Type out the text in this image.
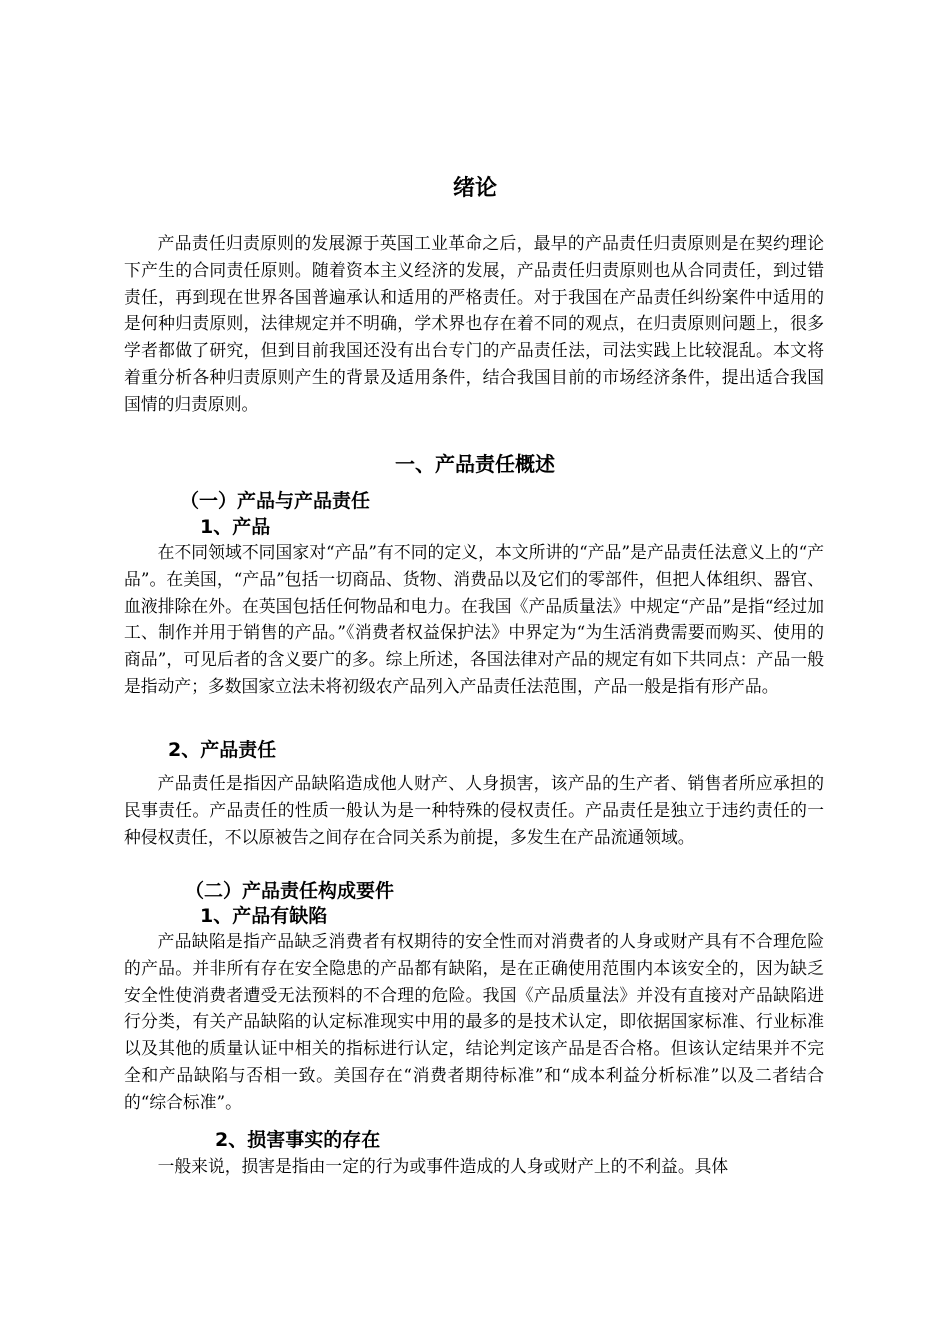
绪论

产品责任归责原则的发展源于英国工业革命之后，最早的产品责任归责原则是在契约理论下产生的合同责任原则。随着资本主义经济的发展，产品责任归责原则也从合同责任，到过错责任，再到现在世界各国普遍承认和适用的严格责任。对于我国在产品责任纠纷案件中适用的是何种归责原则，法律规定并不明确，学术界也存在着不同的观点，在归责原则问题上，很多学者都做了研究，但到目前我国还没有出台专门的产品责任法，司法实践上比较混乱。本文将着重分析各种归责原则产生的背景及适用条件，结合我国目前的市场经济条件，提出适合我国国情的归责原则。

一、产品责任概述
（一）产品与产品责任
1、产品

在不同领域不同国家对“产品”有不同的定义，本文所讲的“产品”是产品责任法意义上的“产品”。在美国，“产品”包括一切商品、货物、消费品以及它们的零部件，但把人体组织、器官、血液排除在外。在英国包括任何物品和电力。在我国《产品质量法》中规定“产品”是指“经过加工、制作并用于销售的产品。”《消费者权益保护法》中界定为“为生活消费需要而购买、使用的商品”，可见后者的含义要广的多。综上所述，各国法律对产品的规定有如下共同点：产品一般是指动产；多数国家立法未将初级农产品列入产品责任法范围，产品一般是指有形产品。

2、产品责任

产品责任是指因产品缺陷造成他人财产、人身损害，该产品的生产者、销售者所应承担的民事责任。产品责任的性质一般认为是一种特殊的侵权责任。产品责任是独立于违约责任的一种侵权责任，不以原被告之间存在合同关系为前提，多发生在产品流通领域。

（二）产品责任构成要件
1、产品有缺陷

产品缺陷是指产品缺乏消费者有权期待的安全性而对消费者的人身或财产具有不合理危险的产品。并非所有存在安全隐患的产品都有缺陷，是在正确使用范围内本该安全的，因为缺乏安全性使消费者遭受无法预料的不合理的危险。我国《产品质量法》并没有直接对产品缺陷进行分类，有关产品缺陷的认定标准现实中用的最多的是技术认定，即依据国家标准、行业标准以及其他的质量认证中相关的指标进行认定，结论判定该产品是否合格。但该认定结果并不完全和产品缺陷与否相一致。美国存在“消费者期待标准”和“成本利益分析标准”以及二者结合的“综合标准”。

2、损害事实的存在

一般来说，损害是指由一定的行为或事件造成的人身或财产上的不利益。具体
